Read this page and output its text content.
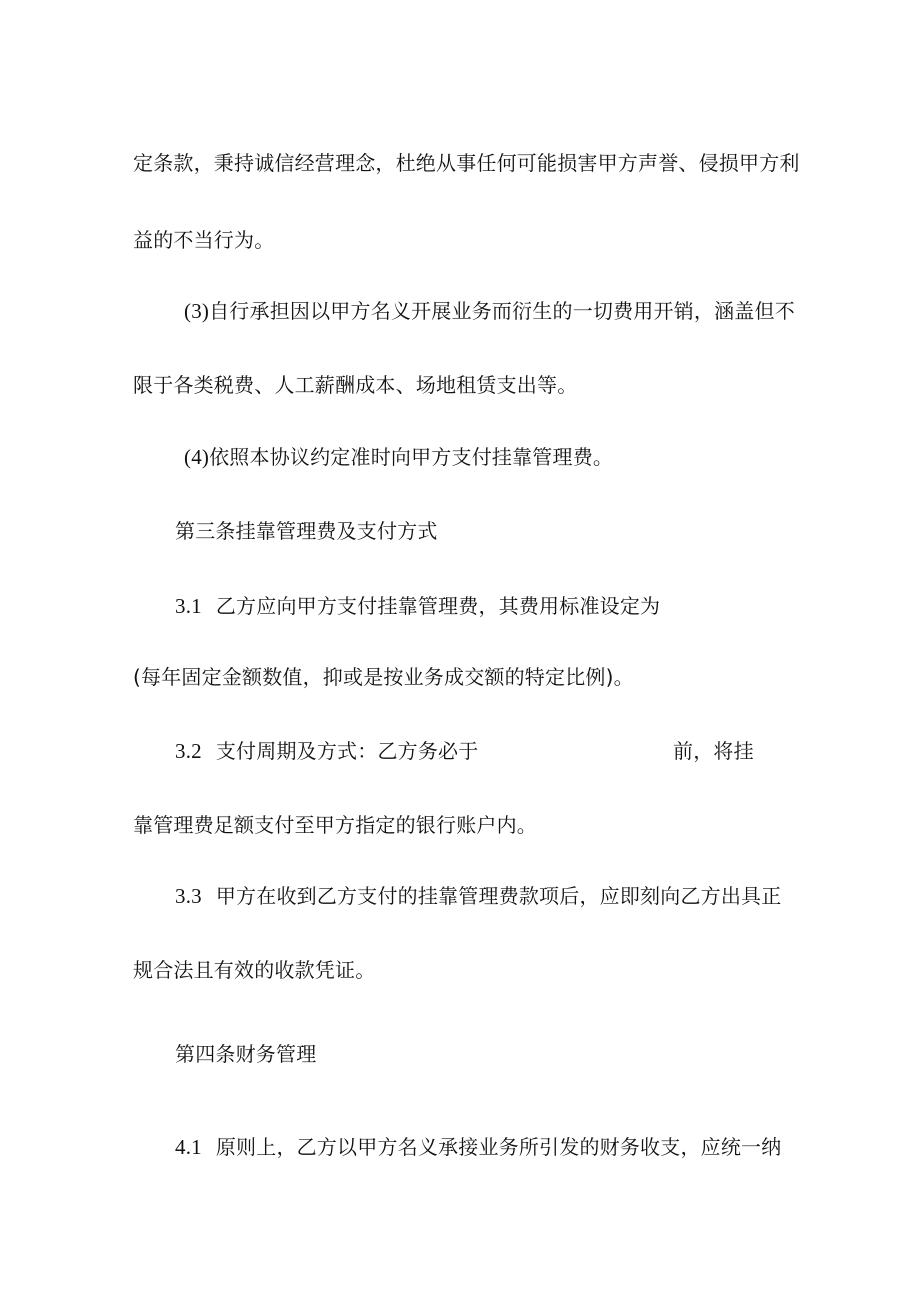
定条款，秉持诚信经营理念，杜绝从事任何可能损害甲方声誉、侵损甲方利
益的不当行为。
(3)自行承担因以甲方名义开展业务而衍生的一切费用开销，涵盖但不
限于各类税费、人工薪酬成本、场地租赁支出等。
(4)依照本协议约定准时向甲方支付挂靠管理费。
第三条挂靠管理费及支付方式
3.1 乙方应向甲方支付挂靠管理费，其费用标准设定为
(每年固定金额数值，抑或是按业务成交额的特定比例)。
3.2 支付周期及方式：乙方务必于	前，将挂
靠管理费足额支付至甲方指定的银行账户内。
3.3 甲方在收到乙方支付的挂靠管理费款项后，应即刻向乙方出具正
规合法且有效的收款凭证。
第四条财务管理
4.1 原则上，乙方以甲方名义承接业务所引发的财务收支，应统一纳
